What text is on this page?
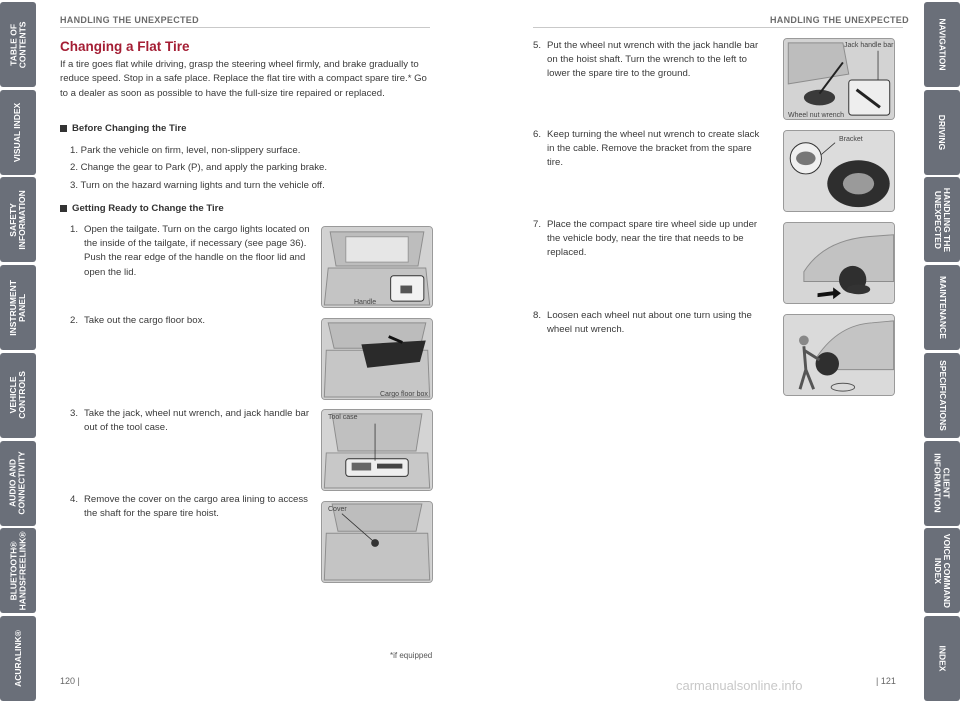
TABLE OF
CONTENTS
VISUAL INDEX
SAFETY
INFORMATION
INSTRUMENT
PANEL
VEHICLE
CONTROLS
AUDIO AND
CONNECTIVITY
BLUETOOTH®
HANDSFREELINK®
ACURALINK®
NAVIGATION
DRIVING
HANDLING THE
UNEXPECTED
MAINTENANCE
SPECIFICATIONS
CLIENT
INFORMATION
VOICE COMMAND
INDEX
INDEX
HANDLING THE UNEXPECTED
Changing a Flat Tire
If a tire goes flat while driving, grasp the steering wheel firmly, and brake gradually to reduce speed. Stop in a safe place. Replace the flat tire with a compact spare tire.* Go to a dealer as soon as possible to have the full-size tire repaired or replaced.
Before Changing the Tire
1. Park the vehicle on firm, level, non-slippery surface.
2. Change the gear to Park (P), and apply the parking brake.
3. Turn on the hazard warning lights and turn the vehicle off.
Getting Ready to Change the Tire
1. Open the tailgate. Turn on the cargo lights located on the inside of the tailgate, if necessary (see page 36). Push the rear edge of the handle on the floor lid and open the lid.
2. Take out the cargo floor box.
3. Take the jack, wheel nut wrench, and jack handle bar out of the tool case.
4. Remove the cover on the cargo area lining to access the shaft for the spare tire hoist.
Handle
Cargo floor box
Tool case
Cover
*if equipped
120 |
HANDLING THE UNEXPECTED
5. Put the wheel nut wrench with the jack handle bar on the hoist shaft. Turn the wrench to the left to lower the spare tire to the ground.
6. Keep turning the wheel nut wrench to create slack in the cable. Remove the bracket from the spare tire.
7. Place the compact spare tire wheel side up under the vehicle body, near the tire that needs to be replaced.
8. Loosen each wheel nut about one turn using the wheel nut wrench.
Jack handle bar
Wheel nut wrench
Bracket
| 121
carmanualsonline.info
